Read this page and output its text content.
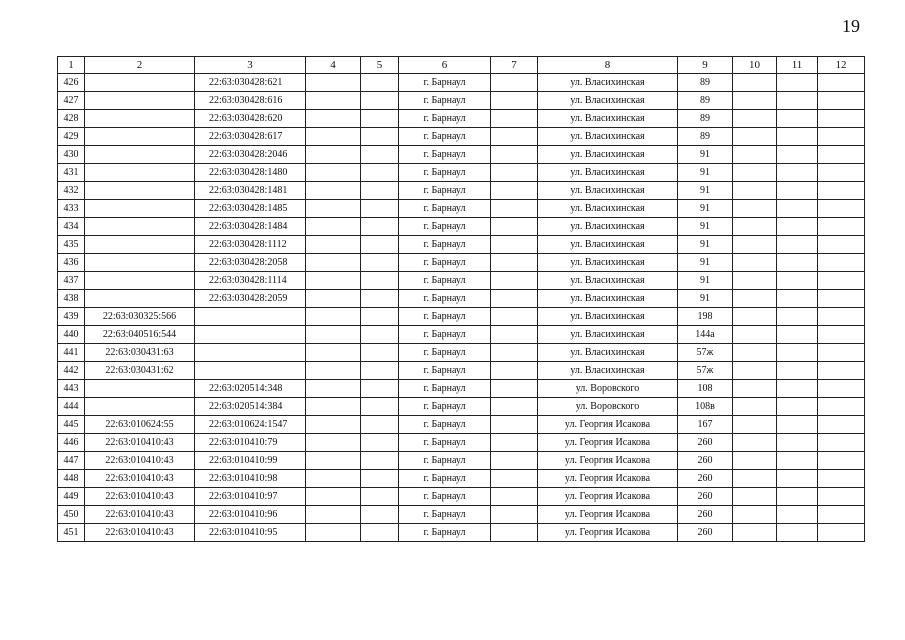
19
1	2	3	4	5	6	7	8	9	10	11	12
426		22:63:030428:621			г. Барнаул		ул. Власихинская	89			
427		22:63:030428:616			г. Барнаул		ул. Власихинская	89			
428		22:63:030428:620			г. Барнаул		ул. Власихинская	89			
429		22:63:030428:617			г. Барнаул		ул. Власихинская	89			
430		22:63:030428:2046			г. Барнаул		ул. Власихинская	91			
431		22:63:030428:1480			г. Барнаул		ул. Власихинская	91			
432		22:63:030428:1481			г. Барнаул		ул. Власихинская	91			
433		22:63:030428:1485			г. Барнаул		ул. Власихинская	91			
434		22:63:030428:1484			г. Барнаул		ул. Власихинская	91			
435		22:63:030428:1112			г. Барнаул		ул. Власихинская	91			
436		22:63:030428:2058			г. Барнаул		ул. Власихинская	91			
437		22:63:030428:1114			г. Барнаул		ул. Власихинская	91			
438		22:63:030428:2059			г. Барнаул		ул. Власихинская	91			
439	22:63:030325:566				г. Барнаул		ул. Власихинская	198			
440	22:63:040516:544				г. Барнаул		ул. Власихинская	144а			
441	22:63:030431:63				г. Барнаул		ул. Власихинская	57ж			
442	22:63:030431:62				г. Барнаул		ул. Власихинская	57ж			
443		22:63:020514:348			г. Барнаул		ул. Воровского	108			
444		22:63:020514:384			г. Барнаул		ул. Воровского	108в			
445	22:63:010624:55	22:63:010624:1547			г. Барнаул		ул. Георгия Исакова	167			
446	22:63:010410:43	22:63:010410:79			г. Барнаул		ул. Георгия Исакова	260			
447	22:63:010410:43	22:63:010410:99			г. Барнаул		ул. Георгия Исакова	260			
448	22:63:010410:43	22:63:010410:98			г. Барнаул		ул. Георгия Исакова	260			
449	22:63:010410:43	22:63:010410:97			г. Барнаул		ул. Георгия Исакова	260			
450	22:63:010410:43	22:63:010410:96			г. Барнаул		ул. Георгия Исакова	260			
451	22:63:010410:43	22:63:010410:95			г. Барнаул		ул. Георгия Исакова	260			
